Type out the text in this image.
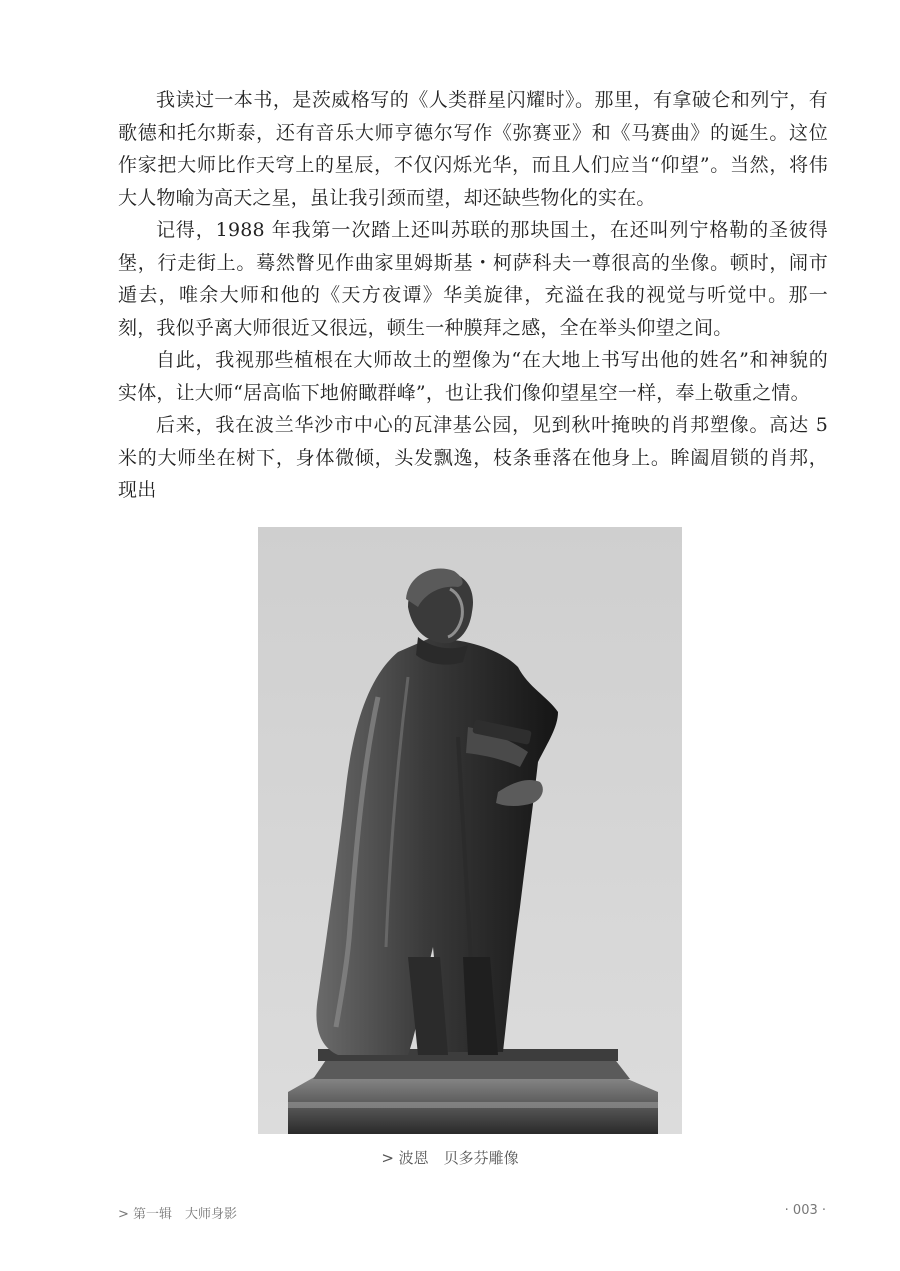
我读过一本书，是茨威格写的《人类群星闪耀时》。那里，有拿破仑和列宁，有歌德和托尔斯泰，还有音乐大师亨德尔写作《弥赛亚》和《马赛曲》的诞生。这位作家把大师比作天穹上的星辰，不仅闪烁光华，而且人们应当“仰望”。当然，将伟大人物喻为高天之星，虽让我引颈而望，却还缺些物化的实在。

记得，1988 年我第一次踏上还叫苏联的那块国土，在还叫列宁格勒的圣彼得堡，行走街上。蓦然瞥见作曲家里姆斯基・柯萨科夫一尊很高的坐像。顿时，闹市遁去，唯余大师和他的《天方夜谭》华美旋律，充溢在我的视觉与听觉中。那一刻，我似乎离大师很近又很远，顿生一种膜拜之感，全在举头仰望之间。

自此，我视那些植根在大师故土的塑像为“在大地上书写出他的姓名”和神貌的实体，让大师“居高临下地俯瞰群峰”，也让我们像仰望星空一样，奉上敬重之情。

后来，我在波兰华沙市中心的瓦津基公园，见到秋叶掩映的肖邦塑像。高达 5 米的大师坐在树下，身体微倾，头发飘逸，枝条垂落在他身上。眸阖眉锁的肖邦，现出

> 波恩　贝多芬雕像
> 第一辑　大师身影	· 003 ·
